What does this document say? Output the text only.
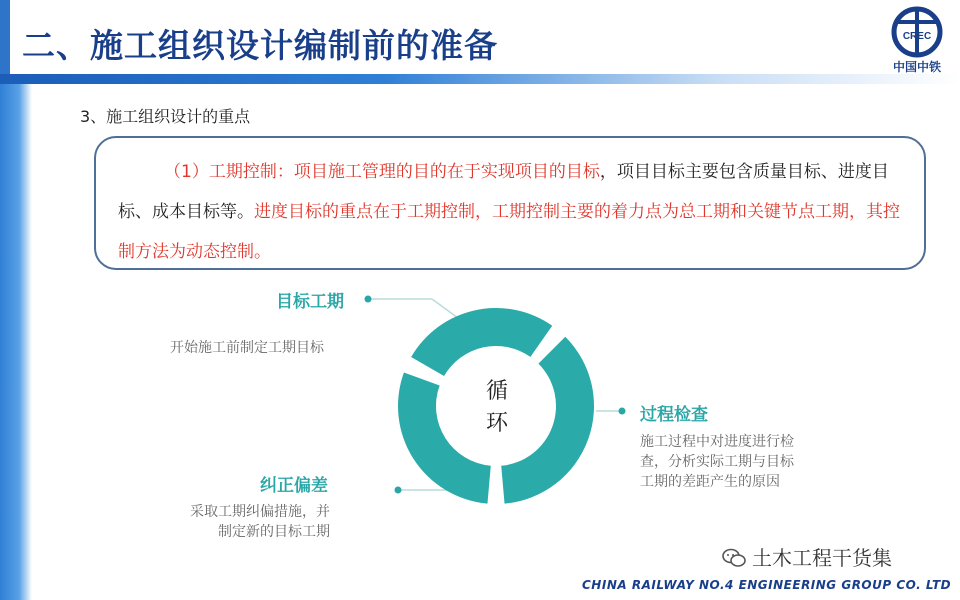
二、施工组织设计编制前的准备	CREC
中国中铁
3、施工组织设计的重点
（1）工期控制：项目施工管理的目的在于实现项目的目标，项目目标主要包含质量目标、进度目标、成本目标等。进度目标的重点在于工期控制，工期控制主要的着力点为总工期和关键节点工期，其控制方法为动态控制。
循
环
目标工期
开始施工前制定工期目标
过程检查
施工过程中对进度进行检
查，分析实际工期与目标
工期的差距产生的原因
纠正偏差
采取工期纠偏措施，并
制定新的目标工期
土木工程干货集
CHINA RAILWAY NO.4 ENGINEERING GROUP CO. LTD
